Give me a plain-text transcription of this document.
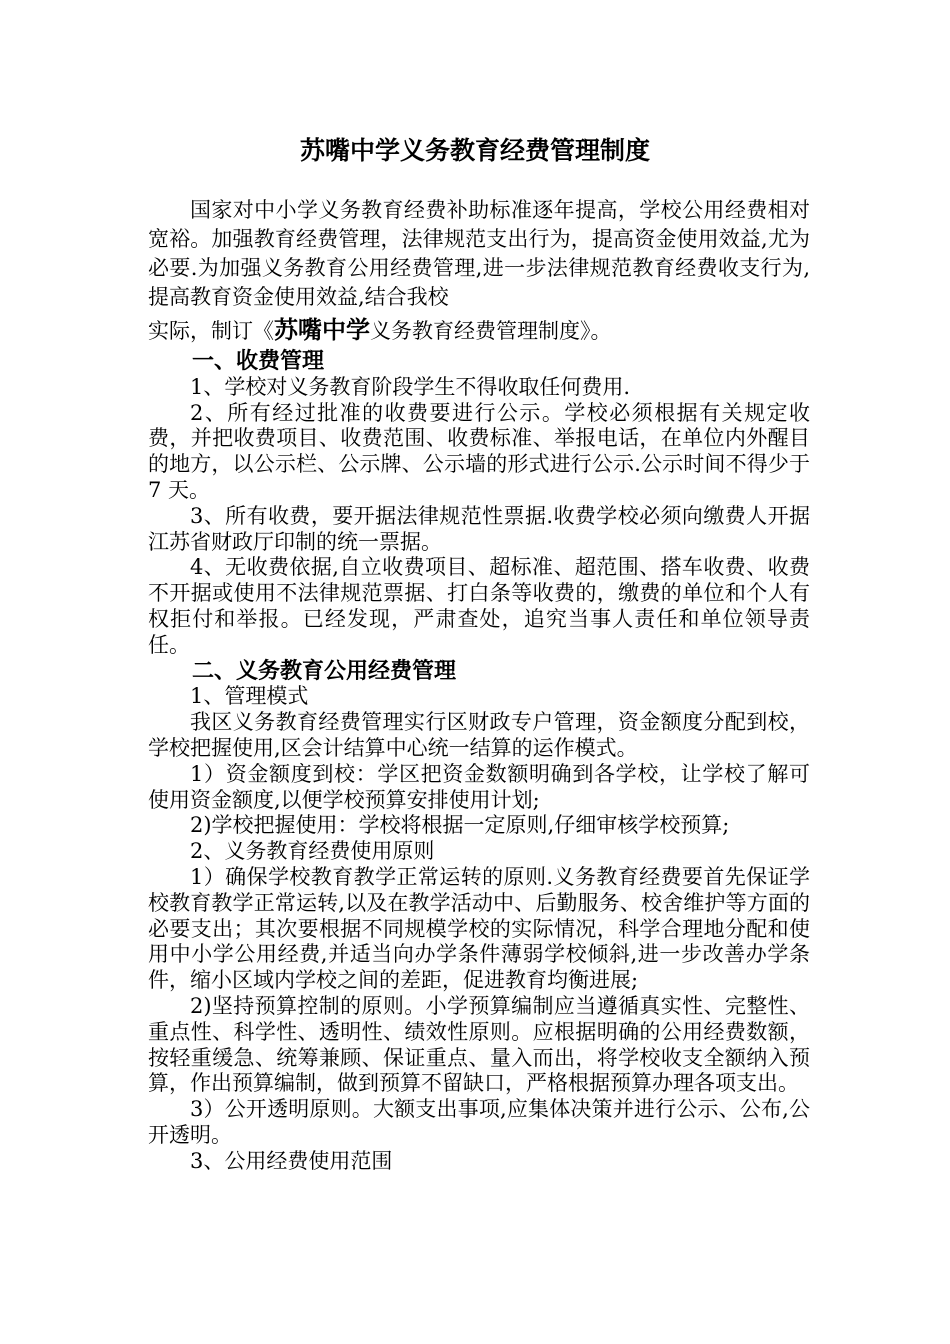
苏嘴中学义务教育经费管理制度

国家对中小学义务教育经费补助标准逐年提高，学校公用经费相对宽裕。加强教育经费管理，法律规范支出行为，提高资金使用效益,尤为必要.为加强义务教育公用经费管理,进一步法律规范教育经费收支行为,提高教育资金使用效益,结合我校

实际，制订《苏嘴中学义务教育经费管理制度》。

一、收费管理

1、学校对义务教育阶段学生不得收取任何费用.

2、所有经过批准的收费要进行公示。学校必须根据有关规定收费，并把收费项目、收费范围、收费标准、举报电话，在单位内外醒目的地方，以公示栏、公示牌、公示墙的形式进行公示.公示时间不得少于 7 天。

3、所有收费，要开据法律规范性票据.收费学校必须向缴费人开据江苏省财政厅印制的统一票据。

4、无收费依据,自立收费项目、超标准、超范围、搭车收费、收费不开据或使用不法律规范票据、打白条等收费的，缴费的单位和个人有权拒付和举报。已经发现，严肃查处，追究当事人责任和单位领导责任。

二、义务教育公用经费管理

1、管理模式

我区义务教育经费管理实行区财政专户管理，资金额度分配到校，学校把握使用,区会计结算中心统一结算的运作模式。

1）资金额度到校：学区把资金数额明确到各学校，让学校了解可使用资金额度,以便学校预算安排使用计划;

2)学校把握使用：学校将根据一定原则,仔细审核学校预算;

2、义务教育经费使用原则

1）确保学校教育教学正常运转的原则.义务教育经费要首先保证学校教育教学正常运转,以及在教学活动中、后勤服务、校舍维护等方面的必要支出；其次要根据不同规模学校的实际情况，科学合理地分配和使用中小学公用经费,并适当向办学条件薄弱学校倾斜,进一步改善办学条件，缩小区域内学校之间的差距，促进教育均衡进展;

2)坚持预算控制的原则。小学预算编制应当遵循真实性、完整性、重点性、科学性、透明性、绩效性原则。应根据明确的公用经费数额，按轻重缓急、统筹兼顾、保证重点、量入而出，将学校收支全额纳入预算，作出预算编制，做到预算不留缺口，严格根据预算办理各项支出。

3）公开透明原则。大额支出事项,应集体决策并进行公示、公布,公开透明。

3、公用经费使用范围
